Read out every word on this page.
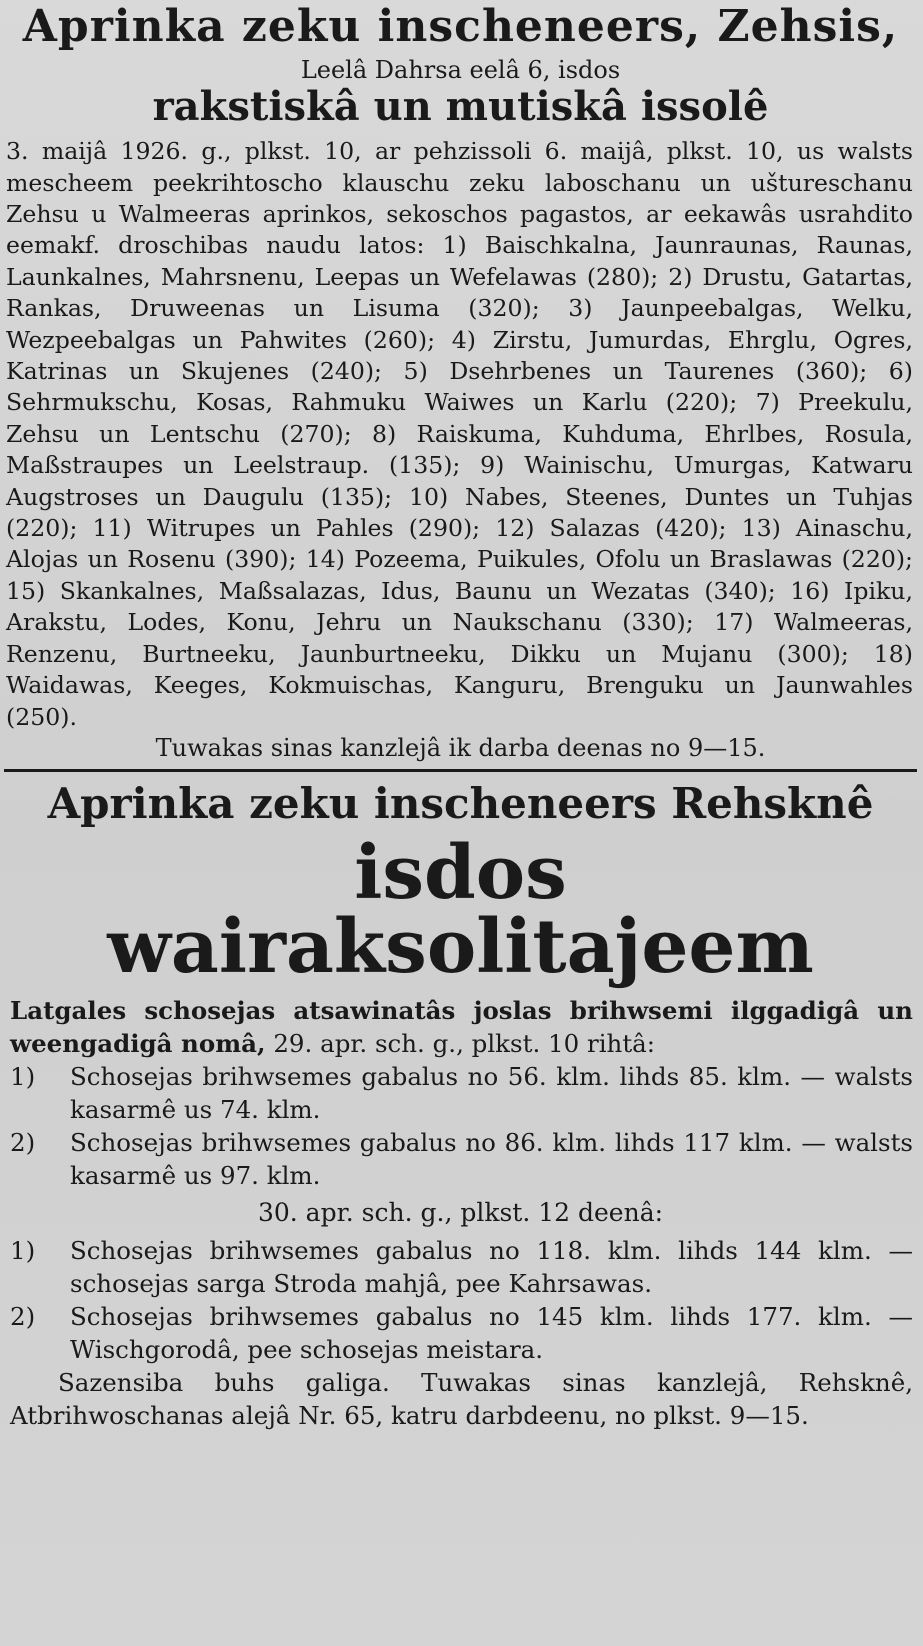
Aprinka zeku inscheneers, Zehsis,
Leelâ Dahrsa eelâ 6, isdos
rakstiskâ un mutiskâ issolê

3. maijâ 1926. g., plkst. 10, ar pehzissoli 6. maijâ, plkst. 10, us walsts mescheem peekrihtoscho klauschu zeku laboschanu un uštureschanu Zehsu u Walmeeras aprinkos, sekoschos pagastos, ar eekawâs usrahdito eemakf. droschibas naudu latos: 1) Baischkalna, Jaunraunas, Raunas, Launkalnes, Mahrsnenu, Leepas un Wefelawas (280); 2) Drustu, Gatartas, Rankas, Druweenas un Lisuma (320); 3) Jaunpeebalgas, Welku, Wezpeebalgas un Pahwites (260); 4) Zirstu, Jumurdas, Ehrglu, Ogres, Katrinas un Skujenes (240); 5) Dsehrbenes un Taurenes (360); 6) Sehrmukschu, Kosas, Rahmuku Waiwes un Karlu (220); 7) Preekulu, Zehsu un Lentschu (270); 8) Raiskuma, Kuhduma, Ehrlbes, Rosula, Maßstraupes un Leelstraup. (135); 9) Wainischu, Umurgas, Katwaru Augstroses un Daugulu (135); 10) Nabes, Steenes, Duntes un Tuhjas (220); 11) Witrupes un Pahles (290); 12) Salazas (420); 13) Ainaschu, Alojas un Rosenu (390); 14) Pozeema, Puikules, Ofolu un Braslawas (220); 15) Skankalnes, Maßsalazas, Idus, Baunu un Wezatas (340); 16) Ipiku, Arakstu, Lodes, Konu, Jehru un Naukschanu (330); 17) Walmeeras, Renzenu, Burtneeku, Jaunburtneeku, Dikku un Mujanu (300); 18) Waidawas, Keeges, Kokmuischas, Kanguru, Brenguku un Jaunwahles (250).

Tuwakas sinas kanzlejâ ik darba deenas no 9—15.
Aprinka zeku inscheneers Rehsknê
isdos wairaksolitajeem
Latgales schosejas atsawinatâs joslas brihwsemi ilggadigâ un weengadigâ nomâ, 29. apr. sch. g., plkst. 10 rihtâ:
1)	Schosejas brihwsemes gabalus no 56. klm. lihds 85. klm. — walsts kasarmê us 74. klm.
2)	Schosejas brihwsemes gabalus no 86. klm. lihds 117 klm. — walsts kasarmê us 97. klm.
30. apr. sch. g., plkst. 12 deenâ:
1)	Schosejas brihwsemes gabalus no 118. klm. lihds 144 klm. — schosejas sarga Stroda mahjâ, pee Kahrsawas.
2)	Schosejas brihwsemes gabalus no 145 klm. lihds 177. klm. — Wischgorodâ, pee schosejas meistara.
Sazensiba buhs galiga. Tuwakas sinas kanzlejâ, Rehsknê, Atbrihwoschanas alejâ Nr. 65, katru darbdeenu, no plkst. 9—15.
